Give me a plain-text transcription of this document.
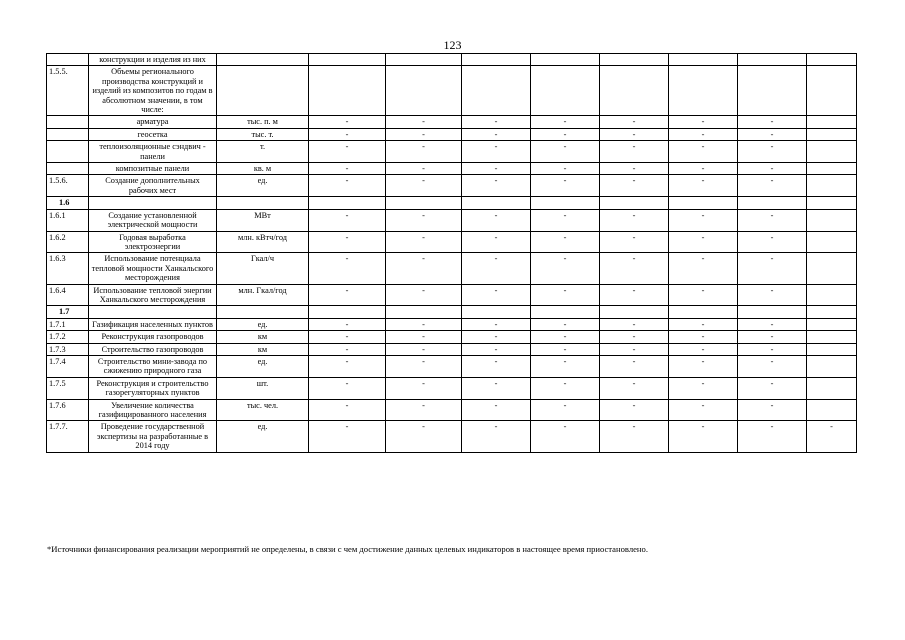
123
	конструкции и изделия из них									
1.5.5.	Объемы регионального производства конструкций и изделий из композитов по годам в абсолютном значении, в том числе:									
	арматура	тыс. п. м	-	-	-	-	-	-	-	
	геосетка	тыс. т.	-	-	-	-	-	-	-	
	теплоизоляционные сэндвич - панели	т.	-	-	-	-	-	-	-	
	композитные панели	кв. м	-	-	-	-	-	-	-	
1.5.6.	Создание дополнительных рабочих мест	ед.	-	-	-	-	-	-	-	
1.6										
1.6.1	Создание установленной электрической мощности	МВт	-	-	-	-	-	-	-	
1.6.2	Годовая выработка электроэнергии	млн. кВтч/год	-	-	-	-	-	-	-	
1.6.3	Использование потенциала тепловой мощности Ханкальского месторождения	Гкал/ч	-	-	-	-	-	-	-	
1.6.4	Использование тепловой энергии Ханкальского месторождения	млн. Гкал/год	-	-	-	-	-	-	-	
1.7										
1.7.1	Газификация населенных пунктов	ед.	-	-	-	-	-	-	-	
1.7.2	Реконструкция газопроводов	км	-	-	-	-	-	-	-	
1.7.3	Строительство газопроводов	км	-	-	-	-	-	-	-	
1.7.4	Строительство мини-завода по сжижению природного газа	ед.	-	-	-	-	-	-	-	
1.7.5	Реконструкция и строительство газорегуляторных пунктов	шт.	-	-	-	-	-	-	-	
1.7.6	Увеличение количества газифицированного населения	тыс. чел.	-	-	-	-	-	-	-	
1.7.7.	Проведение государственной экспертизы на разработанные в 2014 году	ед.	-	-	-	-	-	-	-	-
*Источники финансирования реализации мероприятий не определены, в связи с чем достижение данных целевых индикаторов в настоящее время приостановлено.
